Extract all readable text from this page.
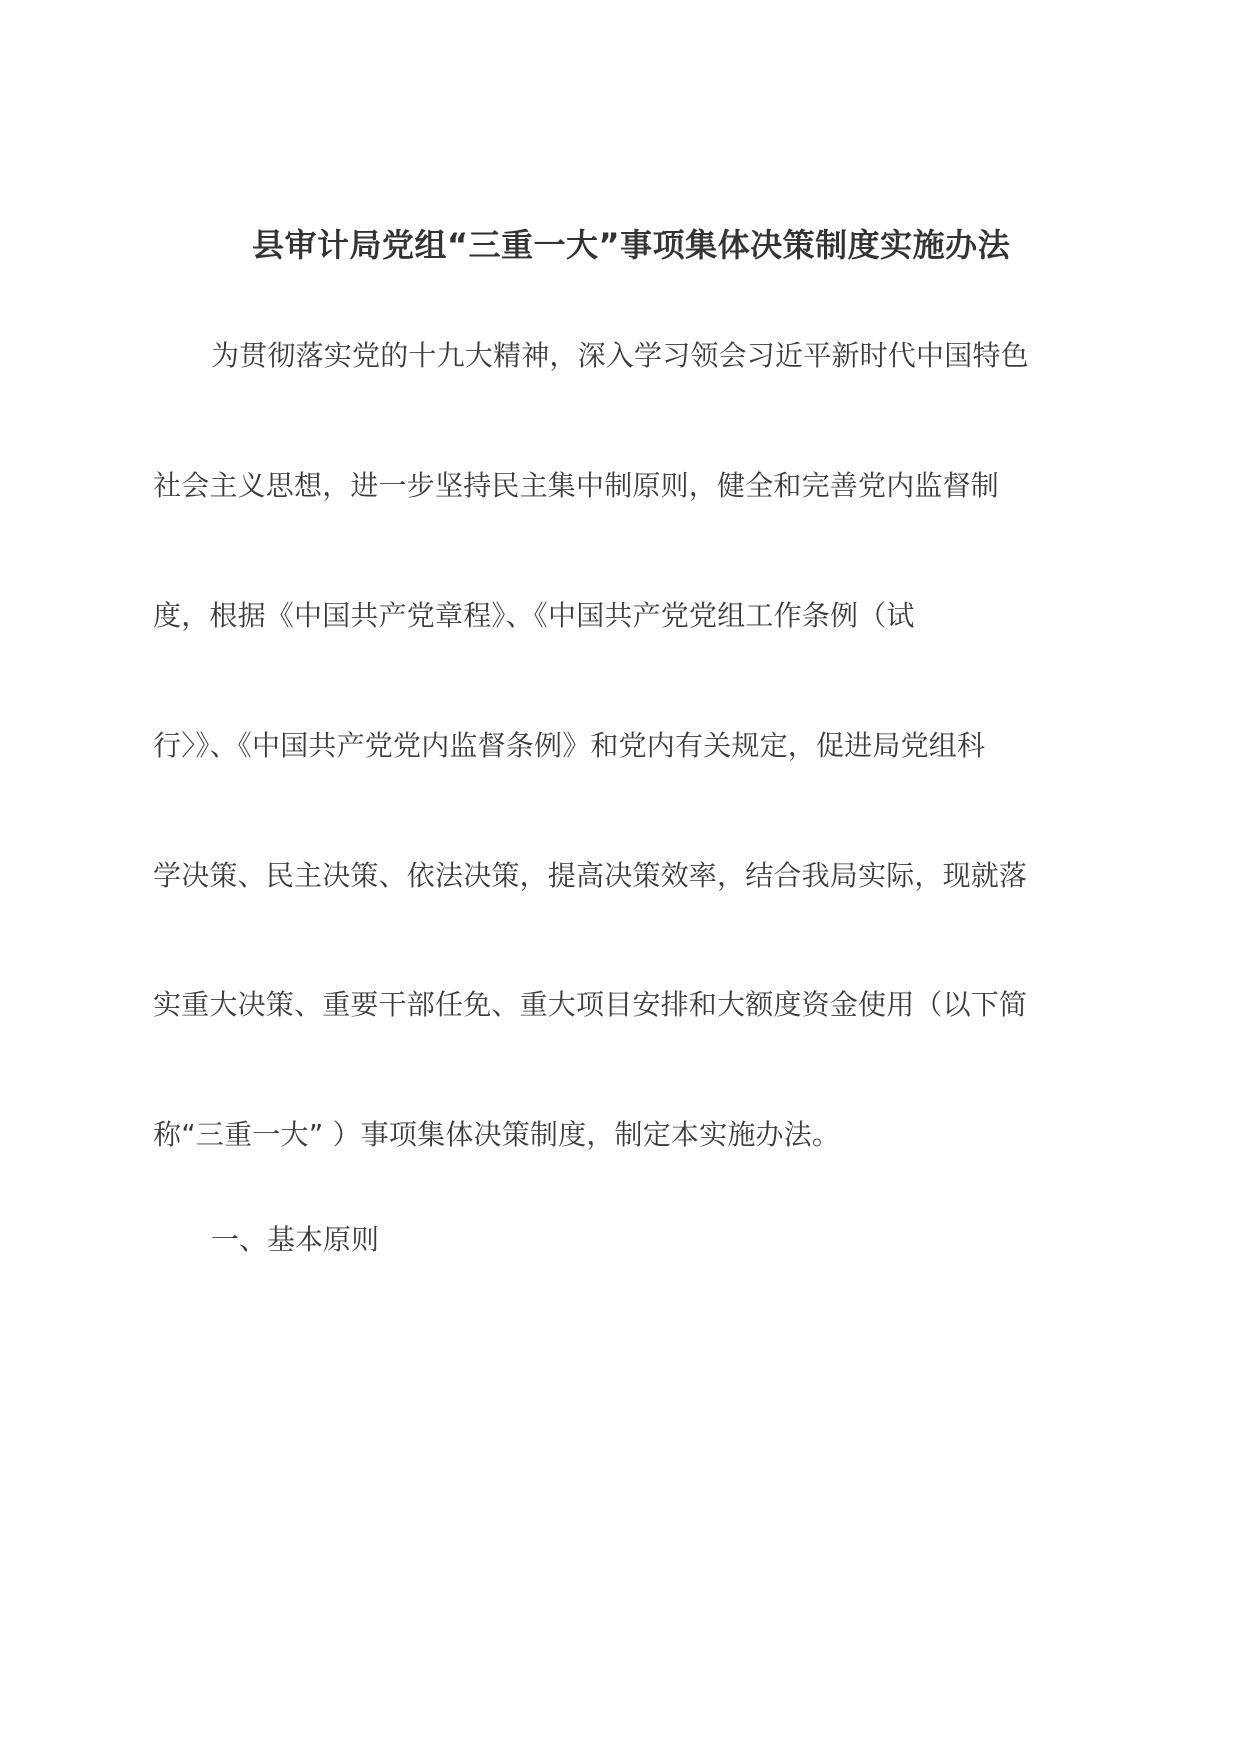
县审计局党组“三重一大”事项集体决策制度实施办法
为贯彻落实党的十九大精神，深入学习领会习近平新时代中国特色
社会主义思想，进一步坚持民主集中制原则，健全和完善党内监督制
度，根据《中国共产党章程》、《中国共产党党组工作条例（试
行〉》、《中国共产党党内监督条例》和党内有关规定，促进局党组科
学决策、民主决策、依法决策，提高决策效率，结合我局实际，现就落
实重大决策、重要干部任免、重大项目安排和大额度资金使用（以下简
称“三重一大” ）事项集体决策制度，制定本实施办法。
一、基本原则
